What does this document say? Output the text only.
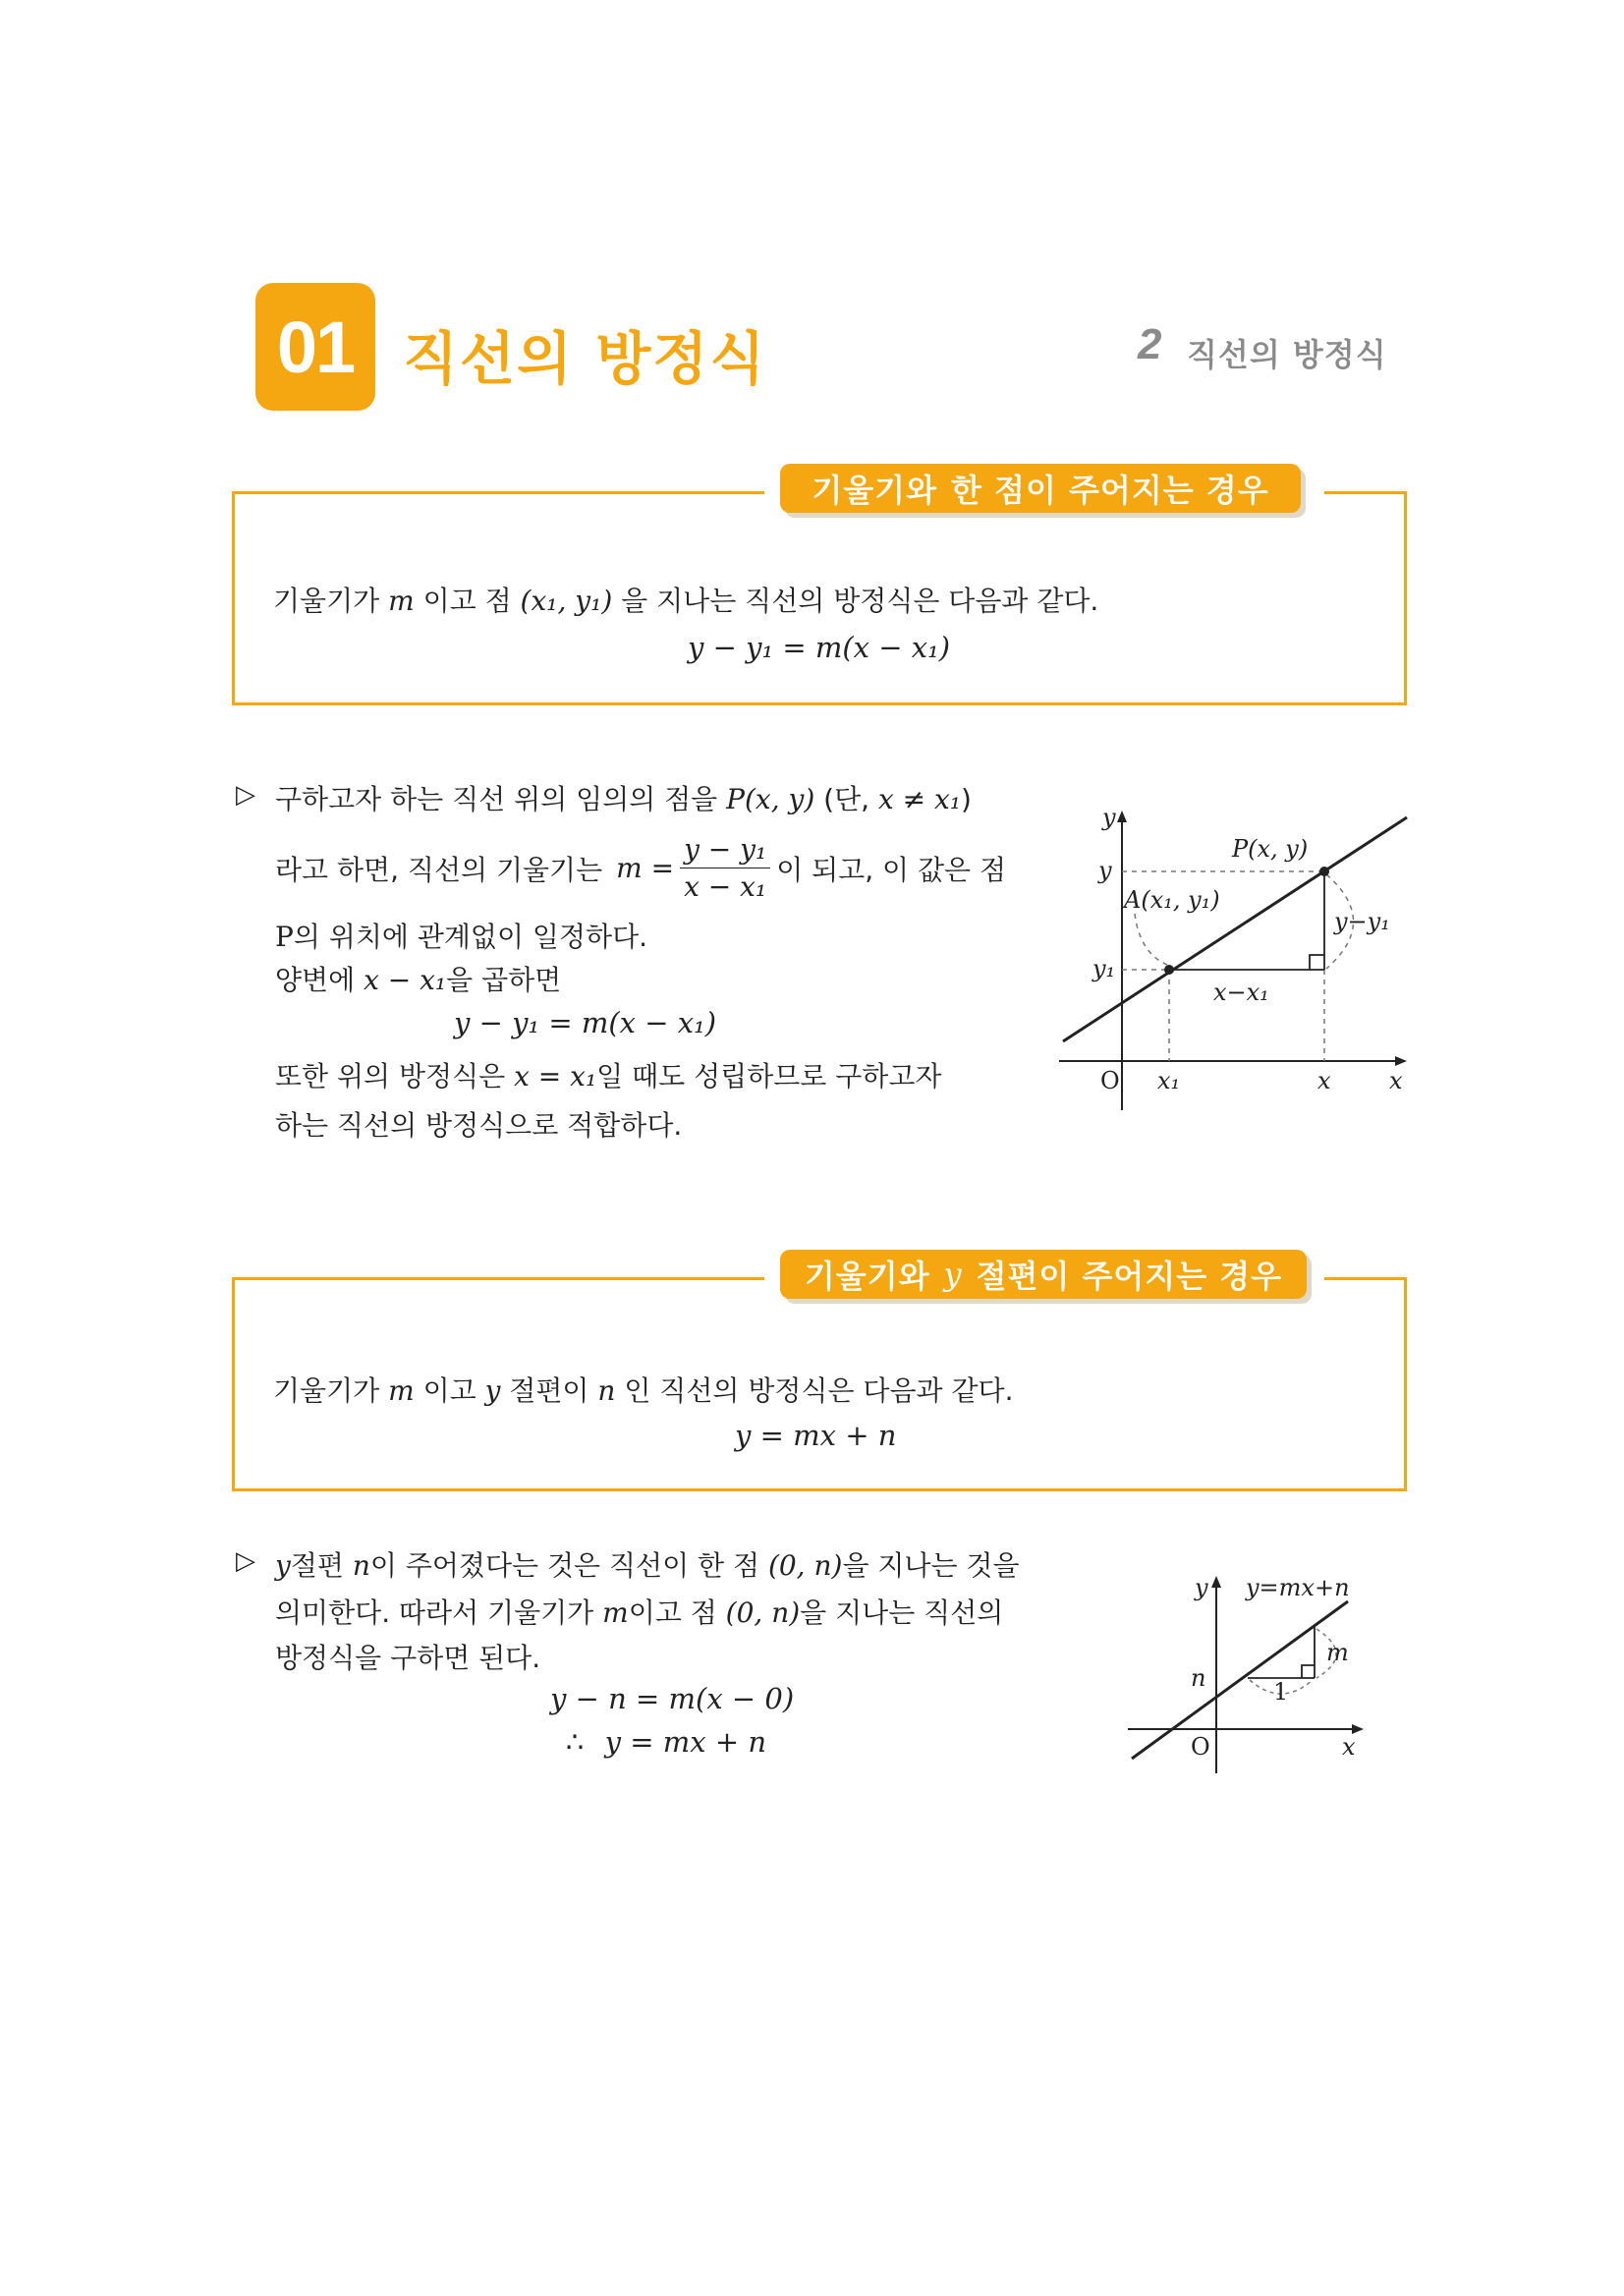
01 직선의 방정식	2 직선의 방정식
기울기와 한 점이 주어지는 경우
기울기가 m 이고 점 (x₁, y₁) 을 지나는 직선의 방정식은 다음과 같다.
y − y₁ = m(x − x₁)
▷ 구하고자 하는 직선 위의 임의의 점을 P(x, y) (단, x ≠ x₁)
라고 하면, 직선의 기울기는 $m = \frac{\text{y − y₁}}{\text{x − x₁}}$ 이 되고, 이 값은 점
P의 위치에 관계없이 일정하다.
양변에 x − x₁을 곱하면
y − y₁ = m(x − x₁)
또한 위의 방정식은 x = x₁일 때도 성립하므로 구하고자
하는 직선의 방정식으로 적합하다.
y
x
O
P(x, y)
A(x₁, y₁)
y−y₁
x−x₁
y
y₁
x₁	x
기울기와 y 절편이 주어지는 경우
기울기가 m 이고 y 절편이 n 인 직선의 방정식은 다음과 같다.
y = mx + n
▷ y절편 n이 주어졌다는 것은 직선이 한 점 (0, n)을 지나는 것을
의미한다. 따라서 기울기가 m이고 점 (0, n)을 지나는 직선의
방정식을 구하면 된다.
y − n = m(x − 0)
∴ y = mx + n
y y=mx+n
n
m
1
O	x
